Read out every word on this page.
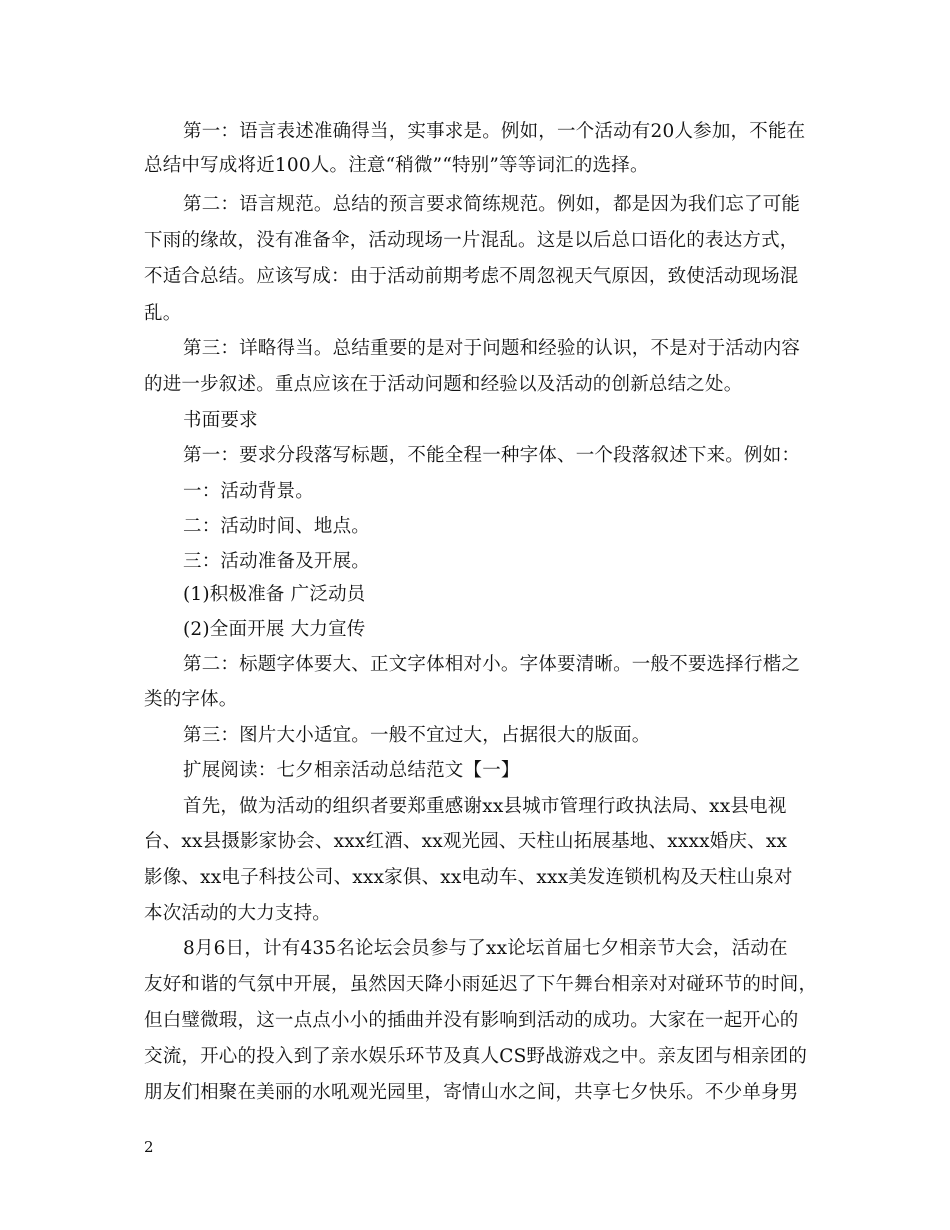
第一：语言表述准确得当，实事求是。例如，一个活动有20人参加，不能在
总结中写成将近100人。注意“稍微”“特别”等等词汇的选择。
第二：语言规范。总结的预言要求简练规范。例如，都是因为我们忘了可能
下雨的缘故，没有准备伞，活动现场一片混乱。这是以后总口语化的表达方式，
不适合总结。应该写成：由于活动前期考虑不周忽视天气原因，致使活动现场混
乱。
第三：详略得当。总结重要的是对于问题和经验的认识，不是对于活动内容
的进一步叙述。重点应该在于活动问题和经验以及活动的创新总结之处。
书面要求
第一：要求分段落写标题，不能全程一种字体、一个段落叙述下来。例如：
一：活动背景。
二：活动时间、地点。
三：活动准备及开展。
(1)积极准备 广泛动员
(2)全面开展 大力宣传
第二：标题字体要大、正文字体相对小。字体要清晰。一般不要选择行楷之
类的字体。
第三：图片大小适宜。一般不宜过大，占据很大的版面。
扩展阅读：七夕相亲活动总结范文【一】
首先，做为活动的组织者要郑重感谢xx县城市管理行政执法局、xx县电视
台、xx县摄影家协会、xxx红酒、xx观光园、天柱山拓展基地、xxxx婚庆、xx
影像、xx电子科技公司、xxx家俱、xx电动车、xxx美发连锁机构及天柱山泉对
本次活动的大力支持。
8月6日，计有435名论坛会员参与了xx论坛首届七夕相亲节大会，活动在
友好和谐的气氛中开展，虽然因天降小雨延迟了下午舞台相亲对对碰环节的时间，
但白璧微瑕，这一点点小小的插曲并没有影响到活动的成功。大家在一起开心的
交流，开心的投入到了亲水娱乐环节及真人CS野战游戏之中。亲友团与相亲团的
朋友们相聚在美丽的水吼观光园里，寄情山水之间，共享七夕快乐。不少单身男
2
